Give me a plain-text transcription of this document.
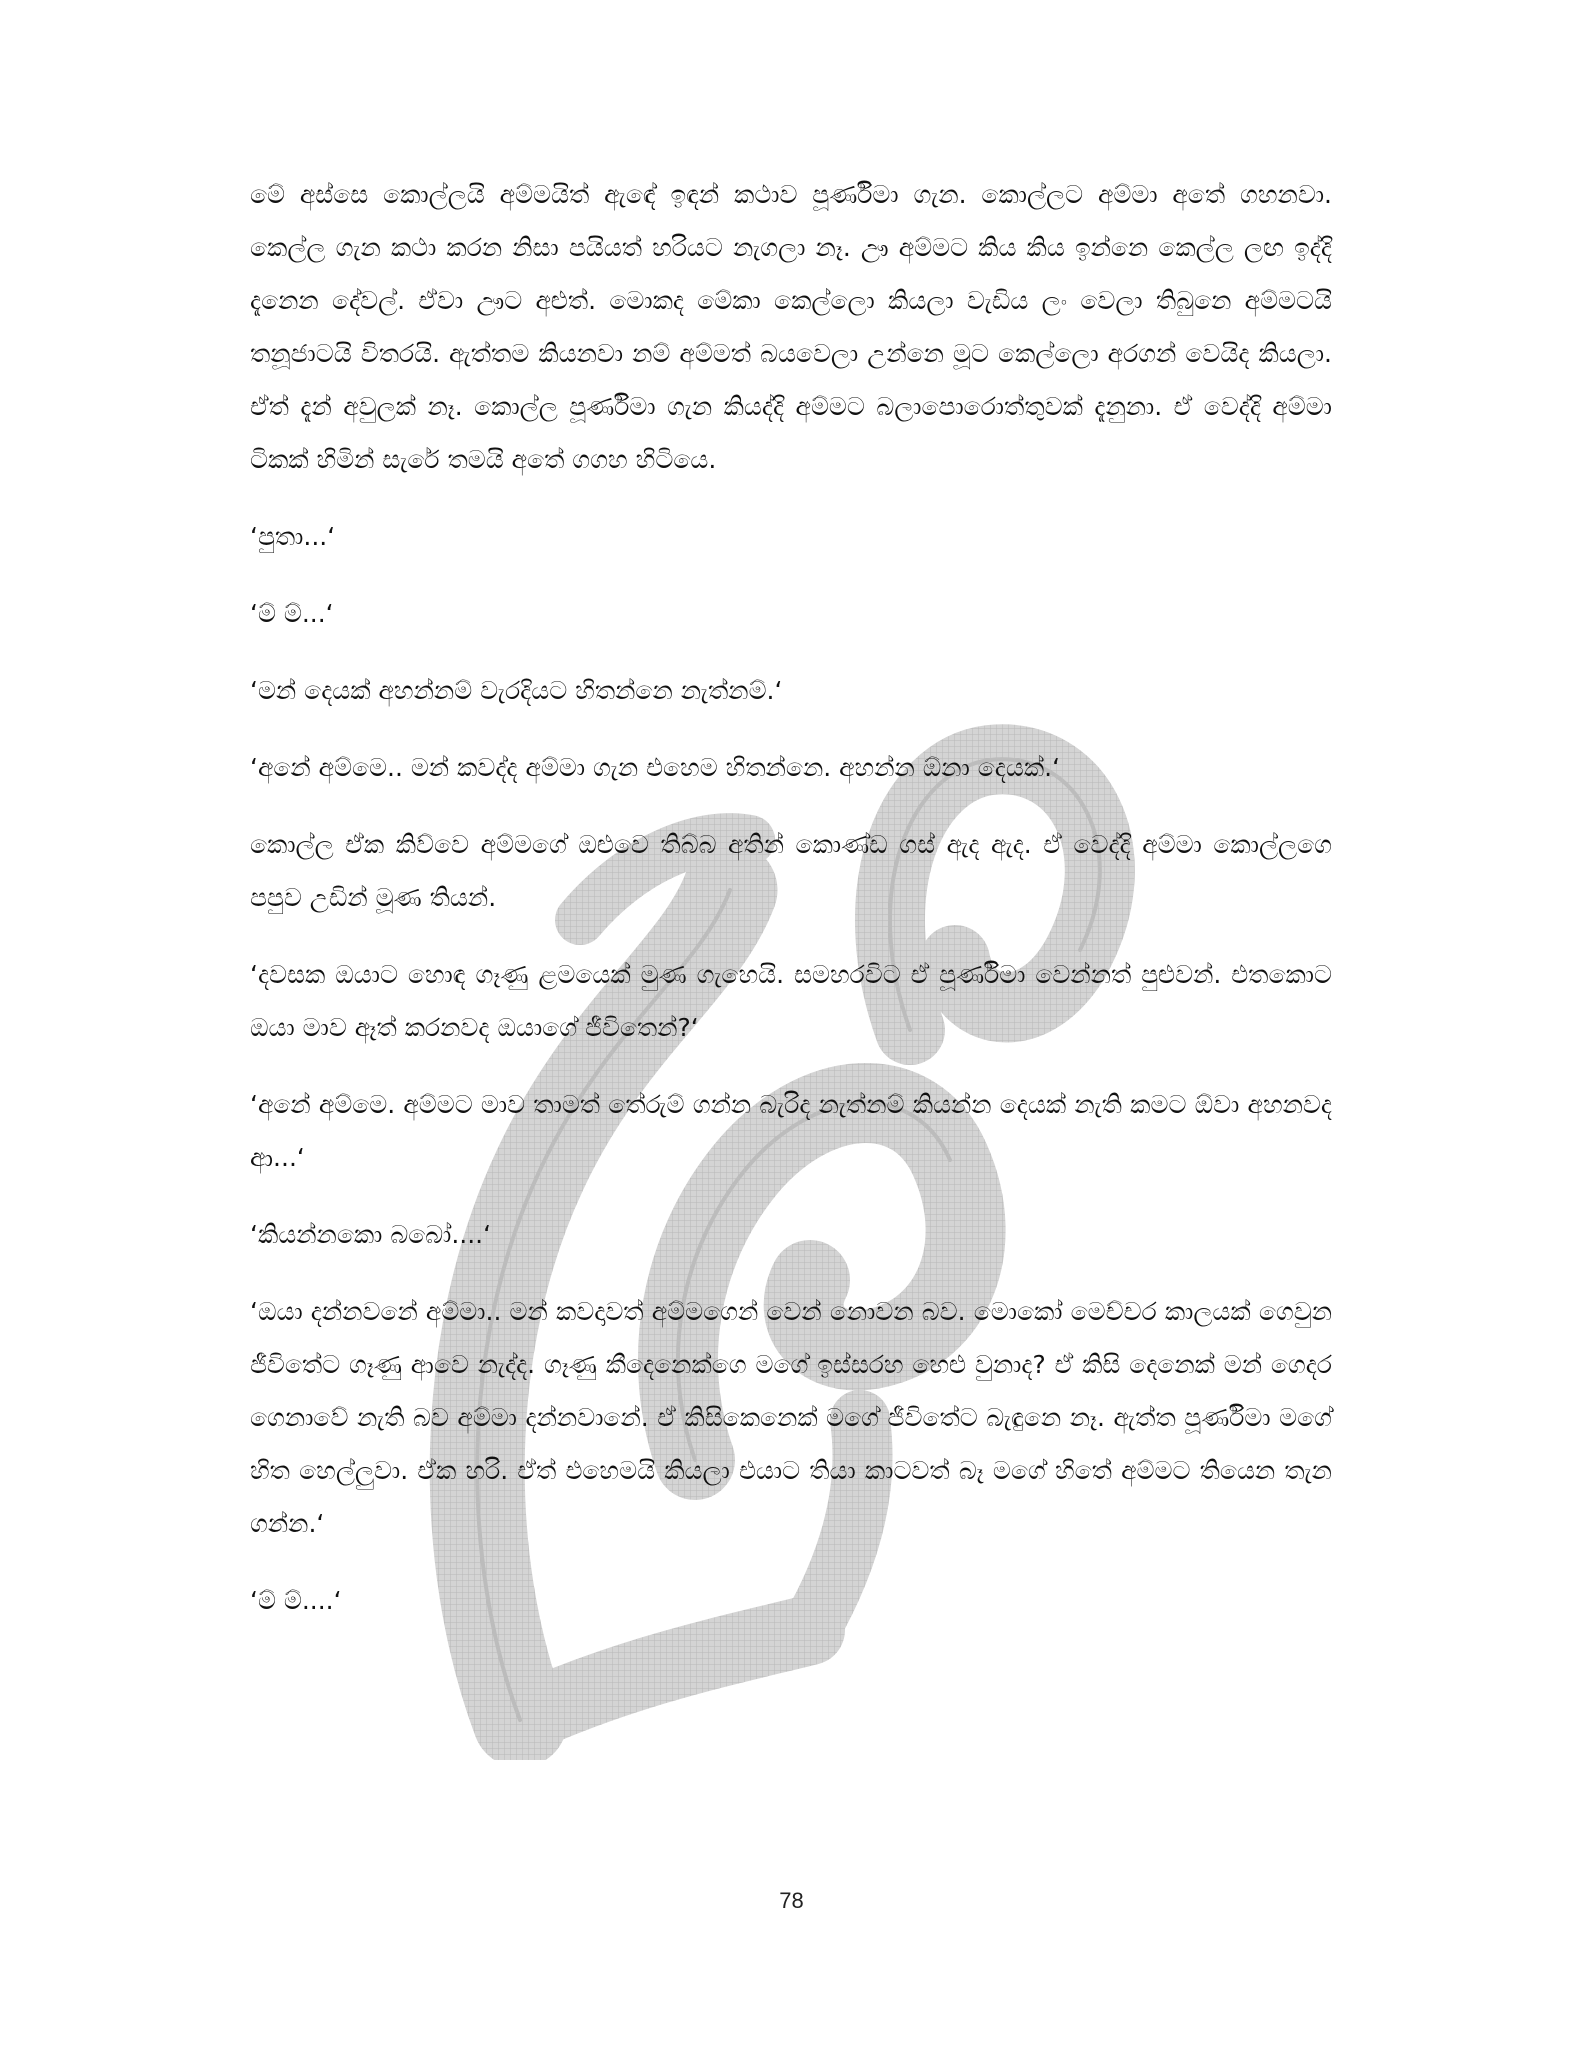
මේ අස්සෙ කොල්ලයි අම්මයිත් ඇඳේ ඉඳන් කථාව පූර්ණිමා ගැන. කොල්ලට අම්මා අතේ ගහනවා. කෙල්ල ගැන කථා කරන නිසා පයියත් හරියට නැගලා නෑ. ඌ අම්මට කිය කිය ඉන්නෙ කෙල්ල ලඟ ඉද්දි දැනෙන දේවල්. ඒවා ඌට අළුත්. මොකද මේකා කෙල්ලො කියලා වැඩිය ලං වෙලා තිබුනෙ අම්මටයි තනූජාටයි විතරයි. ඇත්තම කියනවා නම් අම්මත් බයවෙලා උන්නෙ මූට කෙල්ලො අරගන් වෙයිද කියලා. ඒත් දැන් අවුලක් නෑ. කොල්ල පූර්ණිමා ගැන කියද්දි අම්මට බලාපොරොත්තුවක් දැනුනා. ඒ වෙද්දි අම්මා ටිකක් හිමින් සැරේ තමයි අතේ ගගහ හිටියෙ.

‘පුතා...‘

‘ම් ම්...‘

‘මන් දෙයක් අහන්නම් වැරදියට හිතන්නෙ නැත්නම්.‘

‘අනේ අම්මෙ.. මන් කවද්ද අම්මා ගැන එහෙම හිතන්නෙ. අහන්න ඕනා දෙයක්.‘

කොල්ල ඒක කිව්වෙ අම්මගේ ඔළුවෙ තිබ්බ අතින් කොණ්ඩ ගස් ඇද ඇද. ඒ වෙද්දි අම්මා කොල්ලගෙ පපුව උඩින් මූණ තියන්.

‘දවසක ඔයාට හොඳ ගෑණු ළමයෙක් මුණ ගැහෙයි. සමහරවිට ඒ පූර්ණිමා වෙන්නත් පුළුවන්. එතකොට ඔයා මාව ඈත් කරනවද ඔයාගේ ජීවිතෙන්?‘

‘අනේ අම්මෙ. අම්මට මාව තාමත් තේරුම් ගන්න බැරිද නැත්නම් කියන්න දෙයක් නැති කමට ඕවා අහනවද ආ...‘

‘කියන්නකො බබෝ....‘

‘ඔයා දන්නවනේ අම්මා.. මන් කවදාවත් අම්මගෙන් වෙන් නොවන බව. මොකෝ මෙච්චර කාලයක් ගෙවුන ජීවිතේට ගෑණු ආවෙ නැද්ද. ගෑණු කීදෙනෙක්ගෙ මගේ ඉස්සරහ හෙළු වුනාද? ඒ කිසි දෙනෙක් මන් ගෙදර ගෙනාවේ නැති බව අම්මා දන්නවානේ. ඒ කිසිකෙනෙක් මගේ ජීවිතේට බැඳුනෙ නෑ. ඇත්ත පූර්ණිමා මගේ හිත හෙල්ලුවා. ඒක හරි. ඒත් එහෙමයි කියලා එයාට තියා කාටවත් බෑ මගේ හිතේ අම්මට තියෙන තැන ගන්න.‘

‘ම් ම්....‘

78
